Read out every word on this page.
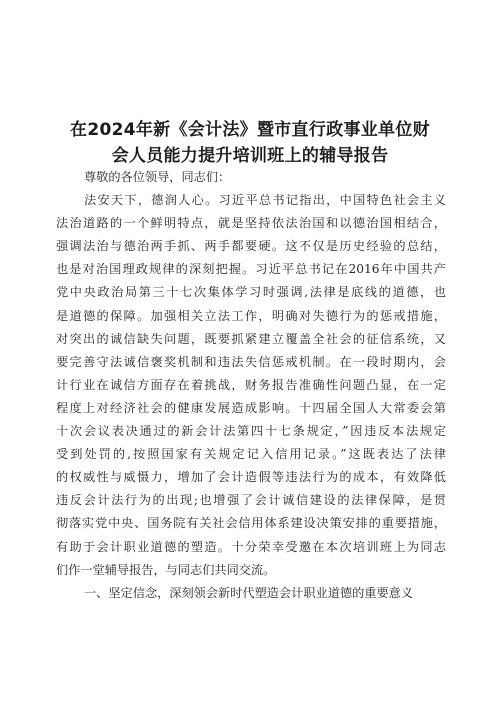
在2024年新《会计法》暨市直行政事业单位财
会人员能力提升培训班上的辅导报告
尊敬的各位领导，同志们：
法安天下，德润人心。习近平总书记指出，中国特色社会主义
法治道路的一个鲜明特点，就是坚持依法治国和以德治国相结合，
强调法治与德治两手抓、两手都要硬。这不仅是历史经验的总结，
也是对治国理政规律的深刻把握。习近平总书记在2016年中国共产
党中央政治局第三十七次集体学习时强调,法律是底线的道德，也
是道德的保障。加强相关立法工作，明确对失德行为的惩戒措施，
对突出的诚信缺失问题，既要抓紧建立覆盖全社会的征信系统，又
要完善守法诚信褒奖机制和违法失信惩戒机制。在一段时期内，会
计行业在诚信方面存在着挑战，财务报告准确性问题凸显，在一定
程度上对经济社会的健康发展造成影响。十四届全国人大常委会第
十次会议表决通过的新会计法第四十七条规定，”因违反本法规定
受到处罚的,按照国家有关规定记入信用记录。”这既表达了法律
的权威性与威慑力，增加了会计造假等违法行为的成本，有效降低
违反会计法行为的出现;也增强了会计诚信建设的法律保障，是贯
彻落实党中央、国务院有关社会信用体系建设决策安排的重要措施，
有助于会计职业道德的塑造。十分荣幸受邀在本次培训班上为同志
们作一堂辅导报告，与同志们共同交流。
一、坚定信念，深刻领会新时代塑造会计职业道德的重要意义
